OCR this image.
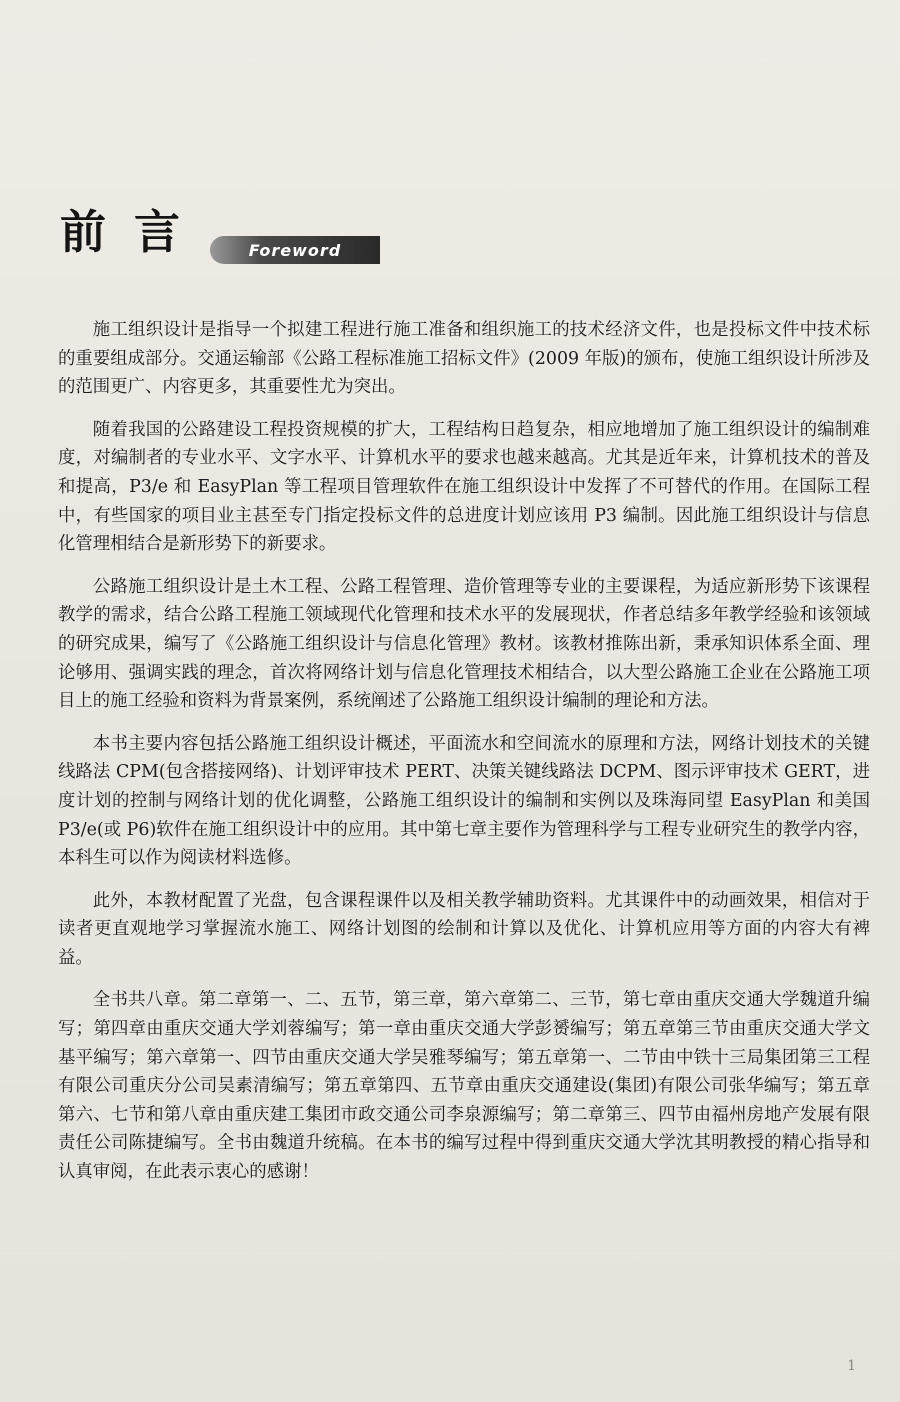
前 言	Foreword

施工组织设计是指导一个拟建工程进行施工准备和组织施工的技术经济文件，也是投标文件中技术标的重要组成部分。交通运输部《公路工程标准施工招标文件》(2009 年版)的颁布，使施工组织设计所涉及的范围更广、内容更多，其重要性尤为突出。

随着我国的公路建设工程投资规模的扩大，工程结构日趋复杂，相应地增加了施工组织设计的编制难度，对编制者的专业水平、文字水平、计算机水平的要求也越来越高。尤其是近年来，计算机技术的普及和提高，P3/e 和 EasyPlan 等工程项目管理软件在施工组织设计中发挥了不可替代的作用。在国际工程中，有些国家的项目业主甚至专门指定投标文件的总进度计划应该用 P3 编制。因此施工组织设计与信息化管理相结合是新形势下的新要求。

公路施工组织设计是土木工程、公路工程管理、造价管理等专业的主要课程，为适应新形势下该课程教学的需求，结合公路工程施工领域现代化管理和技术水平的发展现状，作者总结多年教学经验和该领域的研究成果，编写了《公路施工组织设计与信息化管理》教材。该教材推陈出新，秉承知识体系全面、理论够用、强调实践的理念，首次将网络计划与信息化管理技术相结合，以大型公路施工企业在公路施工项目上的施工经验和资料为背景案例，系统阐述了公路施工组织设计编制的理论和方法。

本书主要内容包括公路施工组织设计概述，平面流水和空间流水的原理和方法，网络计划技术的关键线路法 CPM(包含搭接网络)、计划评审技术 PERT、决策关键线路法 DCPM、图示评审技术 GERT，进度计划的控制与网络计划的优化调整，公路施工组织设计的编制和实例以及珠海同望 EasyPlan 和美国 P3/e(或 P6)软件在施工组织设计中的应用。其中第七章主要作为管理科学与工程专业研究生的教学内容，本科生可以作为阅读材料选修。

此外，本教材配置了光盘，包含课程课件以及相关教学辅助资料。尤其课件中的动画效果，相信对于读者更直观地学习掌握流水施工、网络计划图的绘制和计算以及优化、计算机应用等方面的内容大有裨益。

全书共八章。第二章第一、二、五节，第三章，第六章第二、三节，第七章由重庆交通大学魏道升编写；第四章由重庆交通大学刘蓉编写；第一章由重庆交通大学彭赟编写；第五章第三节由重庆交通大学文基平编写；第六章第一、四节由重庆交通大学吴雅琴编写；第五章第一、二节由中铁十三局集团第三工程有限公司重庆分公司吴素清编写；第五章第四、五节章由重庆交通建设(集团)有限公司张华编写；第五章第六、七节和第八章由重庆建工集团市政交通公司李泉源编写；第二章第三、四节由福州房地产发展有限责任公司陈捷编写。全书由魏道升统稿。在本书的编写过程中得到重庆交通大学沈其明教授的精心指导和认真审阅，在此表示衷心的感谢！

1
